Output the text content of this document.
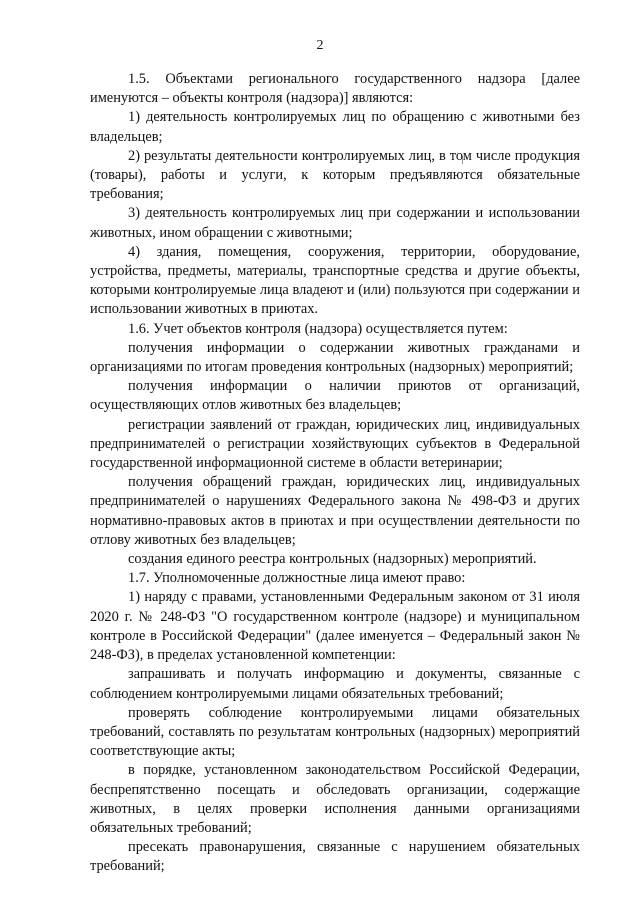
2

1.5. Объектами регионального государственного надзора [далее именуются – объекты контроля (надзора)] являются:

1) деятельность контролируемых лиц по обращению с животными без владельцев;

2) результаты деятельности контролируемых лиц, в том числе продукция (товары), работы и услуги, к которым предъявляются обязательные требования;

3) деятельность контролируемых лиц при содержании и использовании животных, ином обращении с животными;

4) здания, помещения, сооружения, территории, оборудование, устройства, предметы, материалы, транспортные средства и другие объекты, которыми контролируемые лица владеют и (или) пользуются при содержании и использовании животных в приютах.

1.6. Учет объектов контроля (надзора) осуществляется путем:

получения информации о содержании животных гражданами и организациями по итогам проведения контрольных (надзорных) мероприятий;

получения информации о наличии приютов от организаций, осуществляющих отлов животных без владельцев;

регистрации заявлений от граждан, юридических лиц, индивидуальных предпринимателей о регистрации хозяйствующих субъектов в Федеральной государственной информационной системе в области ветеринарии;

получения обращений граждан, юридических лиц, индивидуальных предпринимателей о нарушениях Федерального закона № 498-ФЗ и других нормативно-правовых актов в приютах и при осуществлении деятельности по отлову животных без владельцев;

создания единого реестра контрольных (надзорных) мероприятий.

1.7. Уполномоченные должностные лица имеют право:

1) наряду с правами, установленными Федеральным законом от 31 июля 2020 г. № 248-ФЗ "О государственном контроле (надзоре) и муниципальном контроле в Российской Федерации" (далее именуется – Федеральный закон № 248-ФЗ), в пределах установленной компетенции:

запрашивать и получать информацию и документы, связанные с соблюдением контролируемыми лицами обязательных требований;

проверять соблюдение контролируемыми лицами обязательных требований, составлять по результатам контрольных (надзорных) мероприятий соответствующие акты;

в порядке, установленном законодательством Российской Федерации, беспрепятственно посещать и обследовать организации, содержащие животных, в целях проверки исполнения данными организациями обязательных требований;

пресекать правонарушения, связанные с нарушением обязательных требований;
